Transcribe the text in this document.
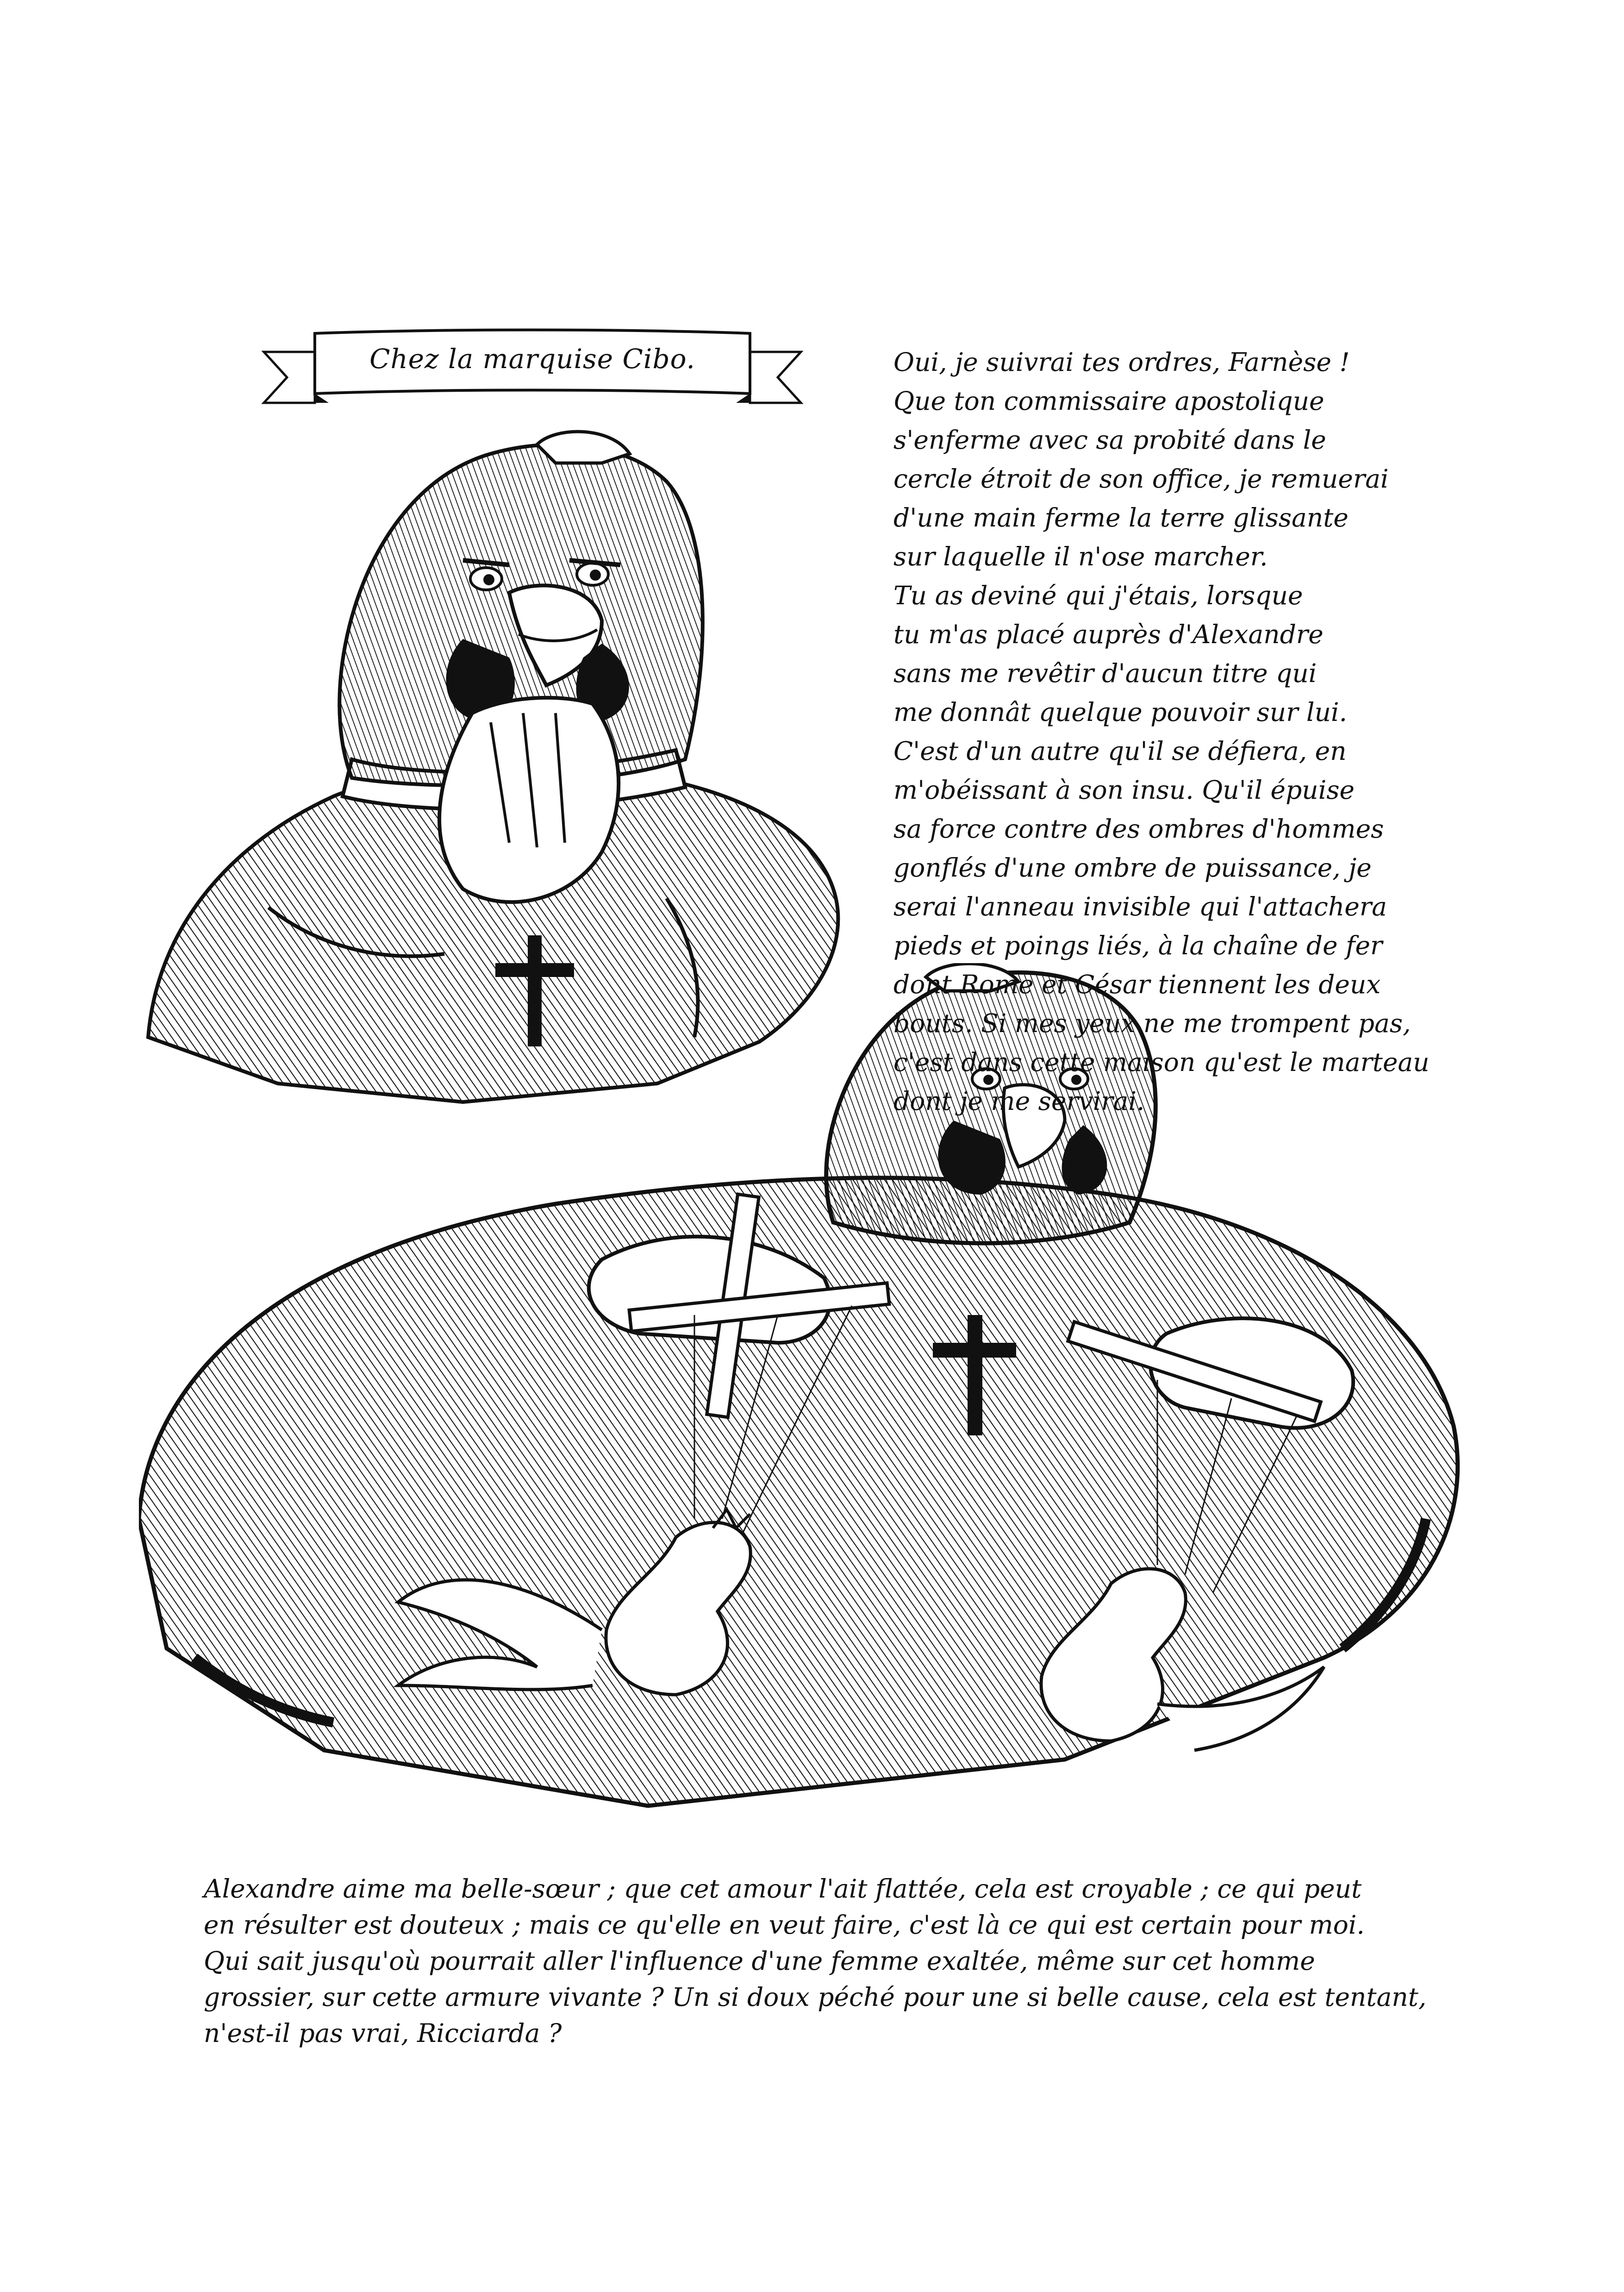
Chez la marquise Cibo.	Oui, je suivrai tes ordres, Farnèse !
Que ton commissaire apostolique
s'enferme avec sa probité dans le
cercle étroit de son office, je remuerai
d'une main ferme la terre glissante
sur laquelle il n'ose marcher.
Tu as deviné qui j'étais, lorsque
tu m'as placé auprès d'Alexandre
sans me revêtir d'aucun titre qui
me donnât quelque pouvoir sur lui.
C'est d'un autre qu'il se défiera, en
m'obéissant à son insu. Qu'il épuise
sa force contre des ombres d'hommes
gonflés d'une ombre de puissance, je
serai l'anneau invisible qui l'attachera
pieds et poings liés, à la chaîne de fer
dont Rome et César tiennent les deux
bouts. Si mes yeux ne me trompent pas,
c'est dans cette maison qu'est le marteau
dont je me servirai.
Alexandre aime ma belle-sœur ; que cet amour l'ait flattée, cela est croyable ; ce qui peut
en résulter est douteux ; mais ce qu'elle en veut faire, c'est là ce qui est certain pour moi.
Qui sait jusqu'où pourrait aller l'influence d'une femme exaltée, même sur cet homme
grossier, sur cette armure vivante ? Un si doux péché pour une si belle cause, cela est tentant,
n'est-il pas vrai, Ricciarda ?
